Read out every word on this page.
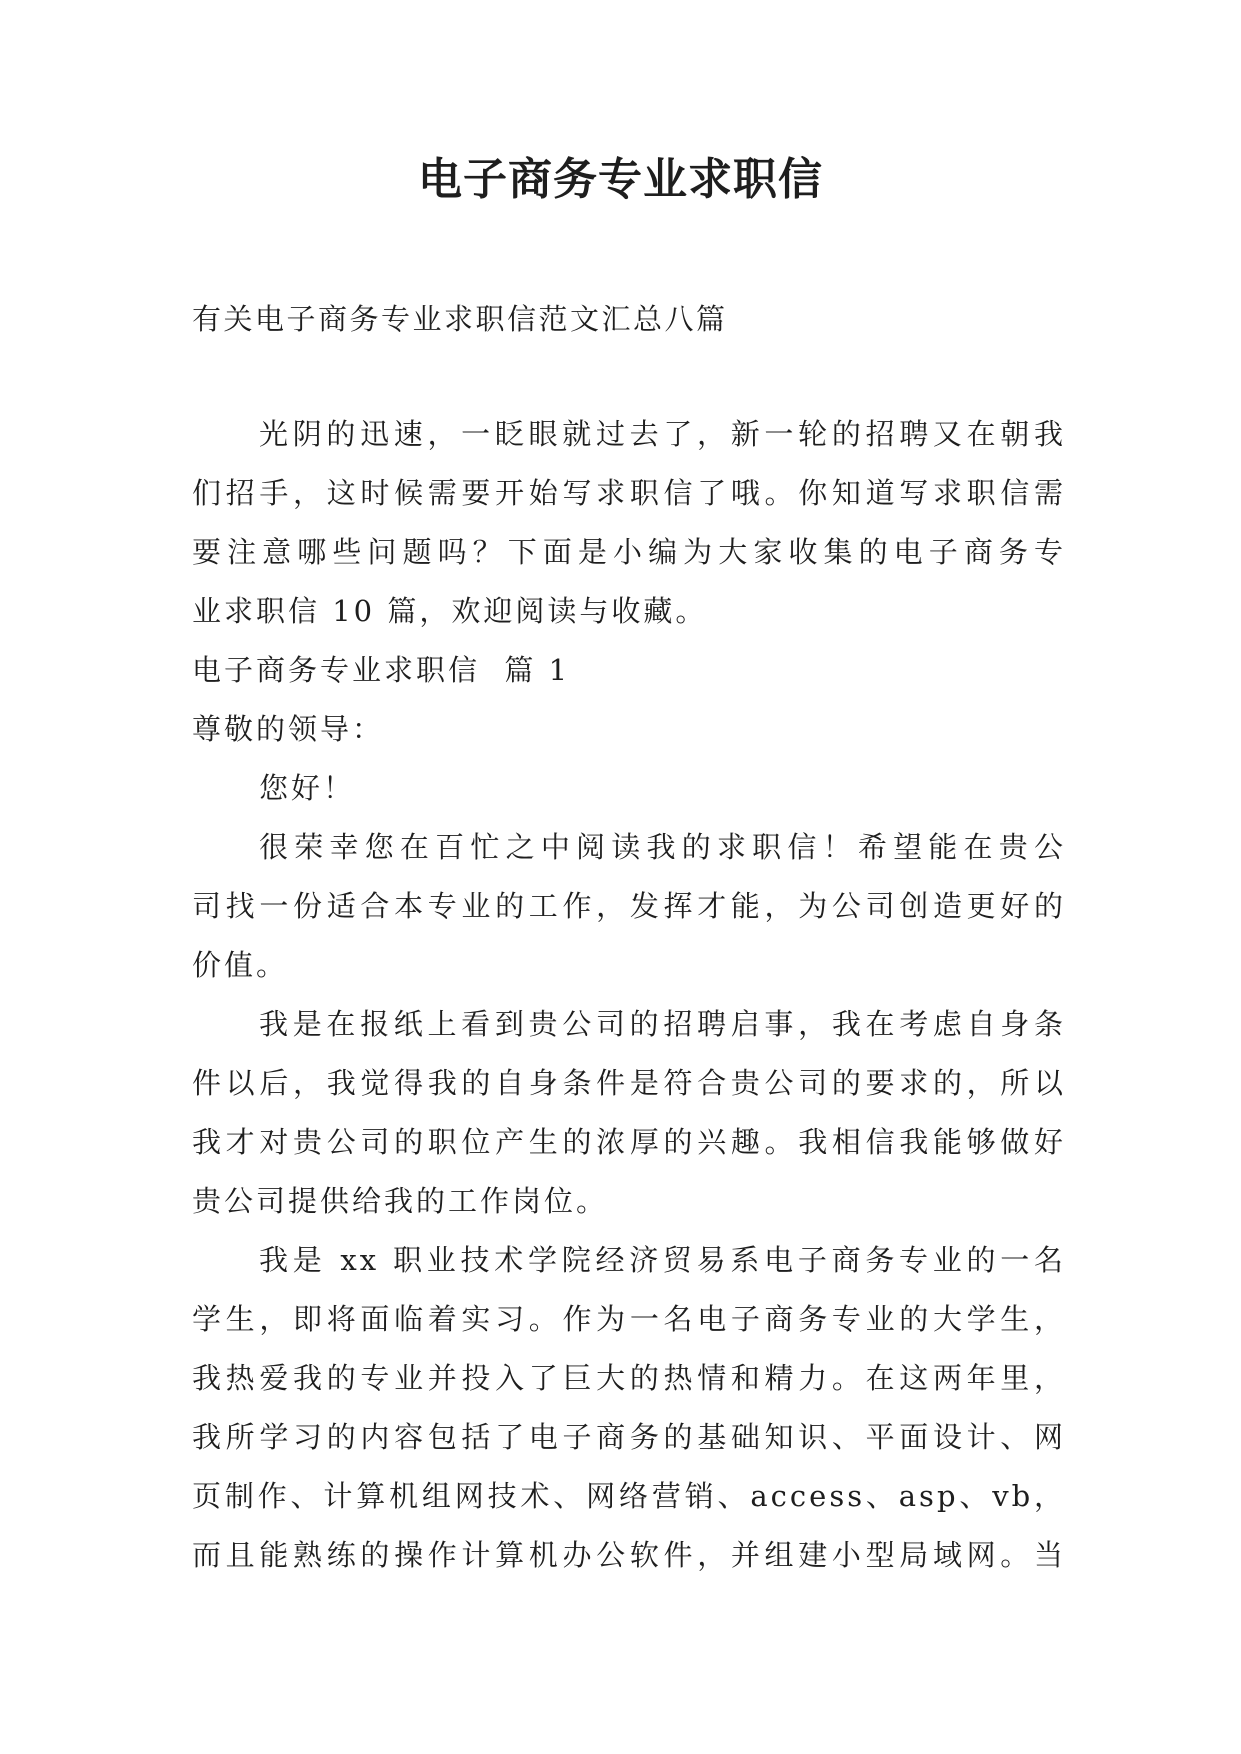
电子商务专业求职信
有关电子商务专业求职信范文汇总八篇
光阴的迅速，一眨眼就过去了，新一轮的招聘又在朝我
们招手，这时候需要开始写求职信了哦。你知道写求职信需
要注意哪些问题吗？下面是小编为大家收集的电子商务专
业求职信 10 篇，欢迎阅读与收藏。
电子商务专业求职信  篇 1
尊敬的领导：
您好！
很荣幸您在百忙之中阅读我的求职信！希望能在贵公
司找一份适合本专业的工作，发挥才能，为公司创造更好的
价值。
我是在报纸上看到贵公司的招聘启事，我在考虑自身条
件以后，我觉得我的自身条件是符合贵公司的要求的，所以
我才对贵公司的职位产生的浓厚的兴趣。我相信我能够做好
贵公司提供给我的工作岗位。
我是 xx 职业技术学院经济贸易系电子商务专业的一名
学生，即将面临着实习。作为一名电子商务专业的大学生，
我热爱我的专业并投入了巨大的热情和精力。在这两年里，
我所学习的内容包括了电子商务的基础知识、平面设计、网
页制作、计算机组网技术、网络营销、access、asp、vb，
而且能熟练的操作计算机办公软件，并组建小型局域网。当
